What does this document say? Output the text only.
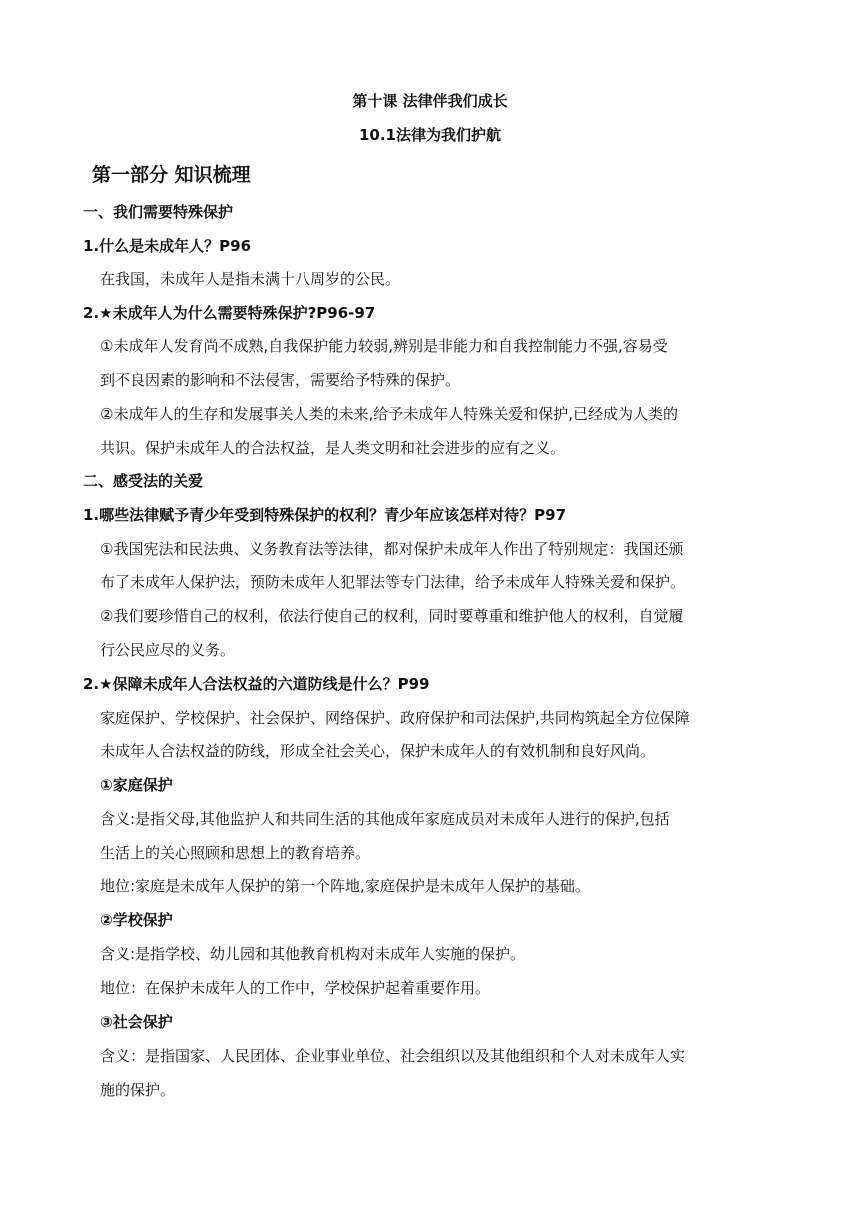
第十课 法律伴我们成长
10.1法律为我们护航
第一部分 知识梳理
一、我们需要特殊保护
1.什么是未成年人？P96
在我国，未成年人是指未满十八周岁的公民。
2.★未成年人为什么需要特殊保护?P96-97
①未成年人发育尚不成熟,自我保护能力较弱,辨别是非能力和自我控制能力不强,容易受
到不良因素的影响和不法侵害，需要给予特殊的保护。
②未成年人的生存和发展事关人类的未来,给予未成年人特殊关爱和保护,已经成为人类的
共识。保护未成年人的合法权益，是人类文明和社会进步的应有之义。
二、感受法的关爱
1.哪些法律赋予青少年受到特殊保护的权利？青少年应该怎样对待？P97
①我国宪法和民法典、义务教育法等法律，都对保护未成年人作出了特别规定：我国还颁
布了未成年人保护法，预防未成年人犯罪法等专门法律，给予未成年人特殊关爱和保护。
②我们要珍惜自己的权利，依法行使自己的权利，同时要尊重和维护他人的权利，自觉履
行公民应尽的义务。
2.★保障未成年人合法权益的六道防线是什么？P99
家庭保护、学校保护、社会保护、网络保护、政府保护和司法保护,共同构筑起全方位保障
未成年人合法权益的防线，形成全社会关心，保护未成年人的有效机制和良好风尚。
①家庭保护
含义:是指父母,其他监护人和共同生活的其他成年家庭成员对未成年人进行的保护,包括
生活上的关心照顾和思想上的教育培养。
地位:家庭是未成年人保护的第一个阵地,家庭保护是未成年人保护的基础。
②学校保护
含义:是指学校、幼儿园和其他教育机构对未成年人实施的保护。
地位：在保护未成年人的工作中，学校保护起着重要作用。
③社会保护
含义：是指国家、人民团体、企业事业单位、社会组织以及其他组织和个人对未成年人实
施的保护。
